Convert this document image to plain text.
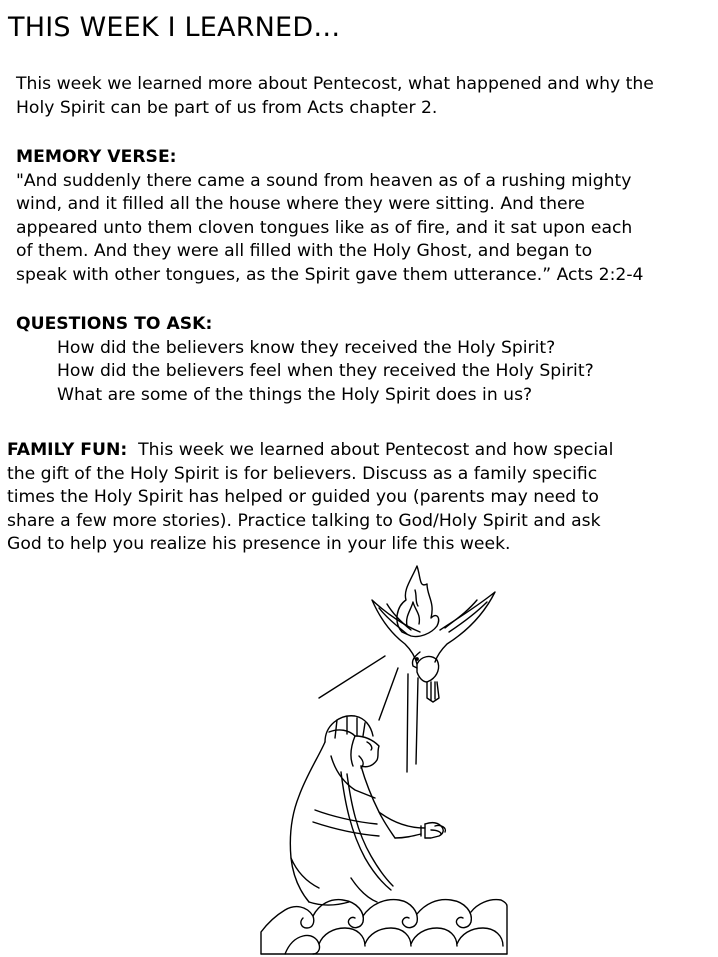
THIS WEEK I LEARNED…
This week we learned more about Pentecost, what happened and why the
Holy Spirit can be part of us from Acts chapter 2.
MEMORY VERSE:
"And suddenly there came a sound from heaven as of a rushing mighty
wind, and it filled all the house where they were sitting. And there
appeared unto them cloven tongues like as of fire, and it sat upon each
of them. And they were all filled with the Holy Ghost, and began to
speak with other tongues, as the Spirit gave them utterance.” Acts 2:2-4
QUESTIONS TO ASK:
How did the believers know they received the Holy Spirit?
How did the believers feel when they received the Holy Spirit?
What are some of the things the Holy Spirit does in us?
FAMILY FUN:  This week we learned about Pentecost and how special
the gift of the Holy Spirit is for believers. Discuss as a family specific
times the Holy Spirit has helped or guided you (parents may need to
share a few more stories). Practice talking to God/Holy Spirit and ask
God to help you realize his presence in your life this week.
